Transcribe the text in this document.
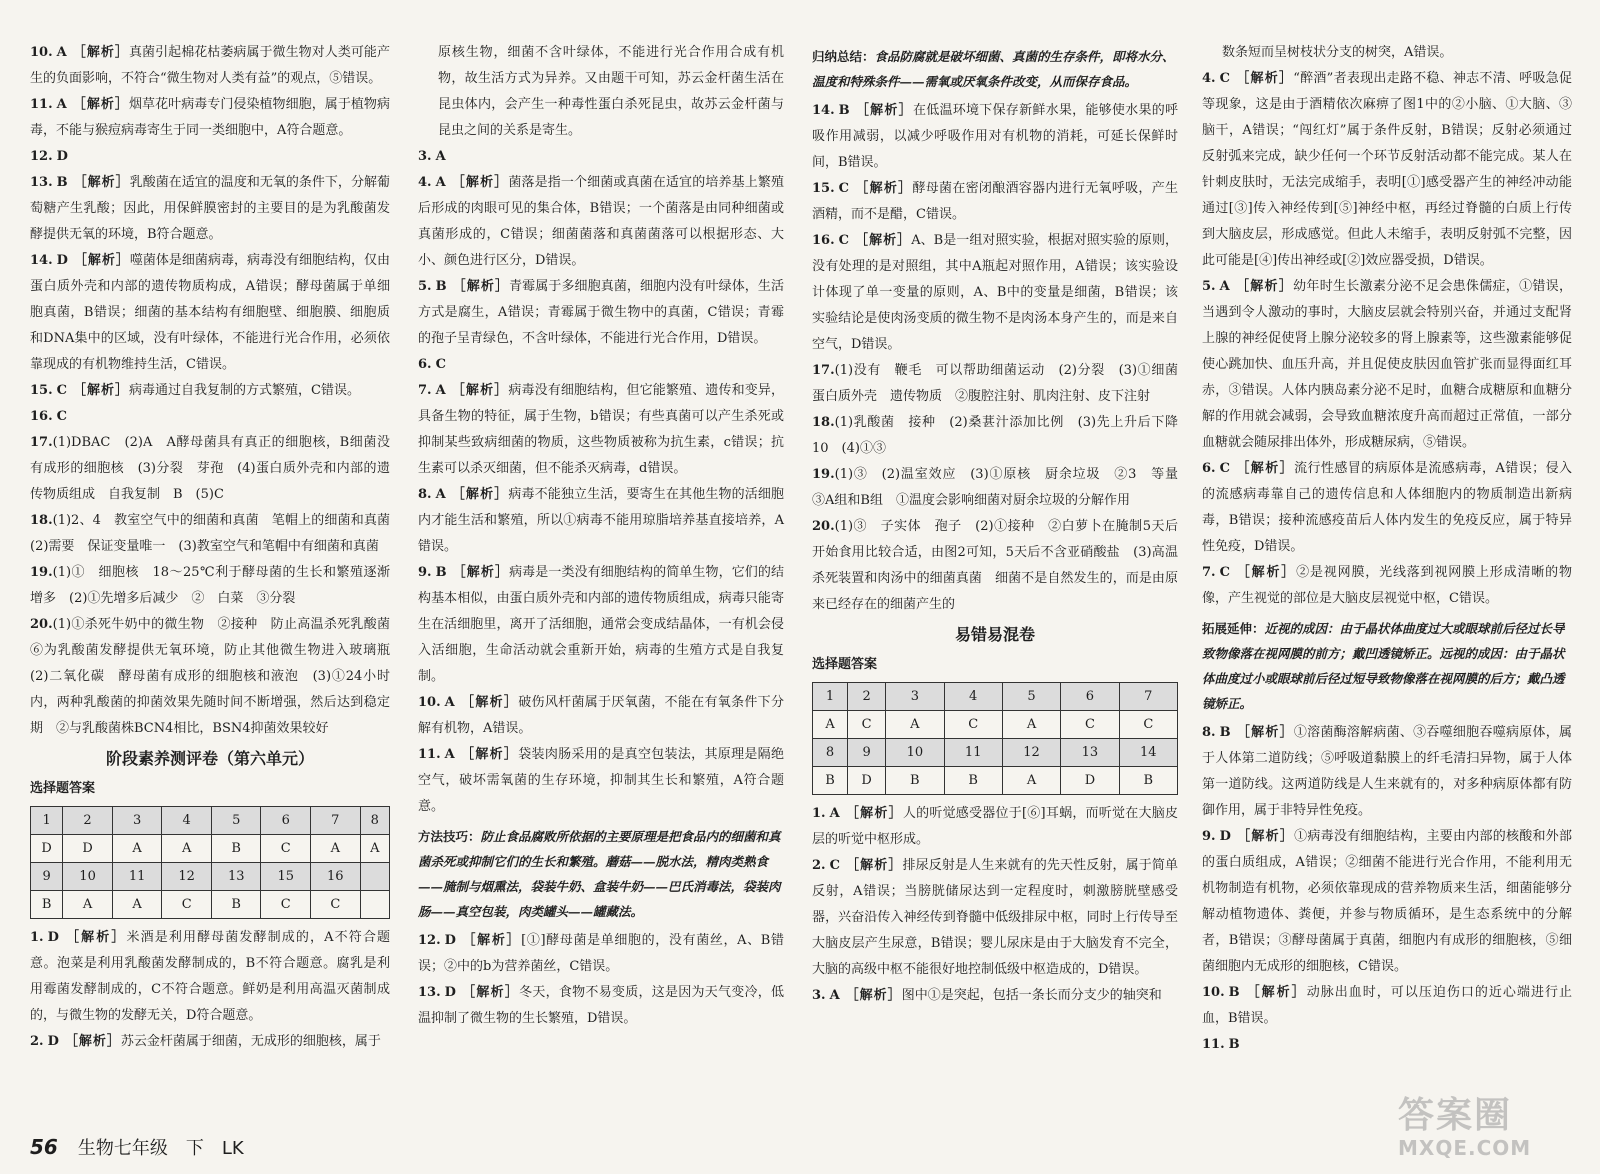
10. A ［解析］真菌引起棉花枯萎病属于微生物对人类可能产生的负面影响，不符合“微生物对人类有益”的观点，⑤错误。

11. A ［解析］烟草花叶病毒专门侵染植物细胞，属于植物病毒，不能与猴痘病毒寄生于同一类细胞中，A符合题意。

12. D

13. B ［解析］乳酸菌在适宜的温度和无氧的条件下，分解葡萄糖产生乳酸；因此，用保鲜膜密封的主要目的是为乳酸菌发酵提供无氧的环境，B符合题意。

14. D ［解析］噬菌体是细菌病毒，病毒没有细胞结构，仅由蛋白质外壳和内部的遗传物质构成，A错误；酵母菌属于单细胞真菌，B错误；细菌的基本结构有细胞壁、细胞膜、细胞质和DNA集中的区域，没有叶绿体，不能进行光合作用，必须依靠现成的有机物维持生活，C错误。

15. C ［解析］病毒通过自我复制的方式繁殖，C错误。

16. C

17.(1)DBAC　(2)A　A酵母菌具有真正的细胞核，B细菌没有成形的细胞核　(3)分裂　芽孢　(4)蛋白质外壳和内部的遗传物质组成　自我复制　B　(5)C

18.(1)2、4　教室空气中的细菌和真菌　笔帽上的细菌和真菌　(2)需要　保证变量唯一　(3)教室空气和笔帽中有细菌和真菌

19.(1)①　细胞核　18～25℃利于酵母菌的生长和繁殖逐渐增多　(2)①先增多后减少　②　白菜　③分裂

20.(1)①杀死牛奶中的微生物　②接种　防止高温杀死乳酸菌　⑥为乳酸菌发酵提供无氧环境，防止其他微生物进入玻璃瓶　(2)二氧化碳　酵母菌有成形的细胞核和液泡　(3)①24小时内，两种乳酸菌的抑菌效果先随时间不断增强，然后达到稳定期　②与乳酸菌株BCN4相比，BSN4抑菌效果较好

阶段素养测评卷（第六单元）
选择题答案
1	2	3	4	5	6	7	8
D	D	A	A	B	C	A	A
9	10	11	12	13	15	16	
B	A	A	C	B	C	C	

1. D ［解析］米酒是利用酵母菌发酵制成的，A不符合题意。泡菜是利用乳酸菌发酵制成的，B不符合题意。腐乳是利用霉菌发酵制成的，C不符合题意。鲜奶是利用高温灭菌制成的，与微生物的发酵无关，D符合题意。

2. D ［解析］苏云金杆菌属于细菌，无成形的细胞核，属于

原核生物，细菌不含叶绿体，不能进行光合作用合成有机物，故生活方式为异养。又由题干可知，苏云金杆菌生活在昆虫体内，会产生一种毒性蛋白杀死昆虫，故苏云金杆菌与昆虫之间的关系是寄生。

3. A

4. A ［解析］菌落是指一个细菌或真菌在适宜的培养基上繁殖后形成的肉眼可见的集合体，B错误；一个菌落是由同种细菌或真菌形成的，C错误；细菌菌落和真菌菌落可以根据形态、大小、颜色进行区分，D错误。

5. B ［解析］青霉属于多细胞真菌，细胞内没有叶绿体，生活方式是腐生，A错误；青霉属于微生物中的真菌，C错误；青霉的孢子呈青绿色，不含叶绿体，不能进行光合作用，D错误。

6. C

7. A ［解析］病毒没有细胞结构，但它能繁殖、遗传和变异，具备生物的特征，属于生物，b错误；有些真菌可以产生杀死或抑制某些致病细菌的物质，这些物质被称为抗生素，c错误；抗生素可以杀灭细菌，但不能杀灭病毒，d错误。

8. A ［解析］病毒不能独立生活，要寄生在其他生物的活细胞内才能生活和繁殖，所以①病毒不能用琼脂培养基直接培养，A错误。

9. B ［解析］病毒是一类没有细胞结构的简单生物，它们的结构基本相似，由蛋白质外壳和内部的遗传物质组成，病毒只能寄生在活细胞里，离开了活细胞，通常会变成结晶体，一有机会侵入活细胞，生命活动就会重新开始，病毒的生殖方式是自我复制。

10. A ［解析］破伤风杆菌属于厌氧菌，不能在有氧条件下分解有机物，A错误。

11. A ［解析］袋装肉肠采用的是真空包装法，其原理是隔绝空气，破坏需氧菌的生存环境，抑制其生长和繁殖，A符合题意。

方法技巧：防止食品腐败所依据的主要原理是把食品内的细菌和真菌杀死或抑制它们的生长和繁殖。蘑菇——脱水法，精肉类熟食——腌制与烟熏法，袋装牛奶、盒装牛奶——巴氏消毒法，袋装肉肠——真空包装，肉类罐头——罐藏法。

12. D ［解析］[①]酵母菌是单细胞的，没有菌丝，A、B错误；②中的b为营养菌丝，C错误。

13. D ［解析］冬天，食物不易变质，这是因为天气变冷，低温抑制了微生物的生长繁殖，D错误。

归纳总结：食品防腐就是破坏细菌、真菌的生存条件，即将水分、温度和特殊条件——需氧或厌氧条件改变，从而保存食品。

14. B ［解析］在低温环境下保存新鲜水果，能够使水果的呼吸作用减弱，以减少呼吸作用对有机物的消耗，可延长保鲜时间，B错误。

15. C ［解析］酵母菌在密闭酿酒容器内进行无氧呼吸，产生酒精，而不是醋，C错误。

16. C ［解析］A、B是一组对照实验，根据对照实验的原则，没有处理的是对照组，其中A瓶起对照作用，A错误；该实验设计体现了单一变量的原则，A、B中的变量是细菌，B错误；该实验结论是使肉汤变质的微生物不是肉汤本身产生的，而是来自空气，D错误。

17.(1)没有　鞭毛　可以帮助细菌运动　(2)分裂　(3)①细菌　蛋白质外壳　遗传物质　②腹腔注射、肌肉注射、皮下注射

18.(1)乳酸菌　接种　(2)桑葚汁添加比例　(3)先上升后下降　10　(4)①③

19.(1)③　(2)温室效应　(3)①原核　厨余垃圾　②3　等量　③A组和B组　①温度会影响细菌对厨余垃圾的分解作用

20.(1)③　子实体　孢子　(2)①接种　②白萝卜在腌制5天后开始食用比较合适，由图2可知，5天后不含亚硝酸盐　(3)高温杀死装置和肉汤中的细菌真菌　细菌不是自然发生的，而是由原来已经存在的细菌产生的

易错易混卷
选择题答案
1	2	3	4	5	6	7
A	C	A	C	A	C	C
8	9	10	11	12	13	14
B	D	B	B	A	D	B

1. A ［解析］人的听觉感受器位于[⑥]耳蜗，而听觉在大脑皮层的听觉中枢形成。

2. C ［解析］排尿反射是人生来就有的先天性反射，属于简单反射，A错误；当膀胱储尿达到一定程度时，刺激膀胱壁感受器，兴奋沿传入神经传到脊髓中低级排尿中枢，同时上行传导至大脑皮层产生尿意，B错误；婴儿尿床是由于大脑发育不完全，大脑的高级中枢不能很好地控制低级中枢造成的，D错误。

3. A ［解析］图中①是突起，包括一条长而分支少的轴突和

数条短而呈树枝状分支的树突，A错误。

4. C ［解析］“醉酒”者表现出走路不稳、神志不清、呼吸急促等现象，这是由于酒精依次麻痹了图1中的②小脑、①大脑、③脑干，A错误；“闯红灯”属于条件反射，B错误；反射必须通过反射弧来完成，缺少任何一个环节反射活动都不能完成。某人在针刺皮肤时，无法完成缩手，表明[①]感受器产生的神经冲动能通过[③]传入神经传到[⑤]神经中枢，再经过脊髓的白质上行传到大脑皮层，形成感觉。但此人未缩手，表明反射弧不完整，因此可能是[④]传出神经或[②]效应器受损，D错误。

5. A ［解析］幼年时生长激素分泌不足会患侏儒症，①错误，当遇到令人激动的事时，大脑皮层就会特别兴奋，并通过支配肾上腺的神经促使肾上腺分泌较多的肾上腺素等，这些激素能够促使心跳加快、血压升高，并且促使皮肤因血管扩张而显得面红耳赤，③错误。人体内胰岛素分泌不足时，血糖合成糖原和血糖分解的作用就会减弱，会导致血糖浓度升高而超过正常值，一部分血糖就会随尿排出体外，形成糖尿病，⑤错误。

6. C ［解析］流行性感冒的病原体是流感病毒，A错误；侵入的流感病毒靠自己的遗传信息和人体细胞内的物质制造出新病毒，B错误；接种流感疫苗后人体内发生的免疫反应，属于特异性免疫，D错误。

7. C ［解析］②是视网膜，光线落到视网膜上形成清晰的物像，产生视觉的部位是大脑皮层视觉中枢，C错误。

拓展延伸：近视的成因：由于晶状体曲度过大或眼球前后径过长导致物像落在视网膜的前方；戴凹透镜矫正。远视的成因：由于晶状体曲度过小或眼球前后径过短导致物像落在视网膜的后方；戴凸透镜矫正。

8. B ［解析］①溶菌酶溶解病菌、③吞噬细胞吞噬病原体，属于人体第二道防线；⑤呼吸道黏膜上的纤毛清扫异物，属于人体第一道防线。这两道防线是人生来就有的，对多种病原体都有防御作用，属于非特异性免疫。

9. D ［解析］①病毒没有细胞结构，主要由内部的核酸和外部的蛋白质组成，A错误；②细菌不能进行光合作用，不能利用无机物制造有机物，必须依靠现成的营养物质来生活，细菌能够分解动植物遗体、粪便，并参与物质循环，是生态系统中的分解者，B错误；③酵母菌属于真菌，细胞内有成形的细胞核，⑤细菌细胞内无成形的细胞核，C错误。

10. B ［解析］动脉出血时，可以压迫伤口的近心端进行止血，B错误。

11. B

56 生物七年级　下　LK
答案圈
MXQE.COM
